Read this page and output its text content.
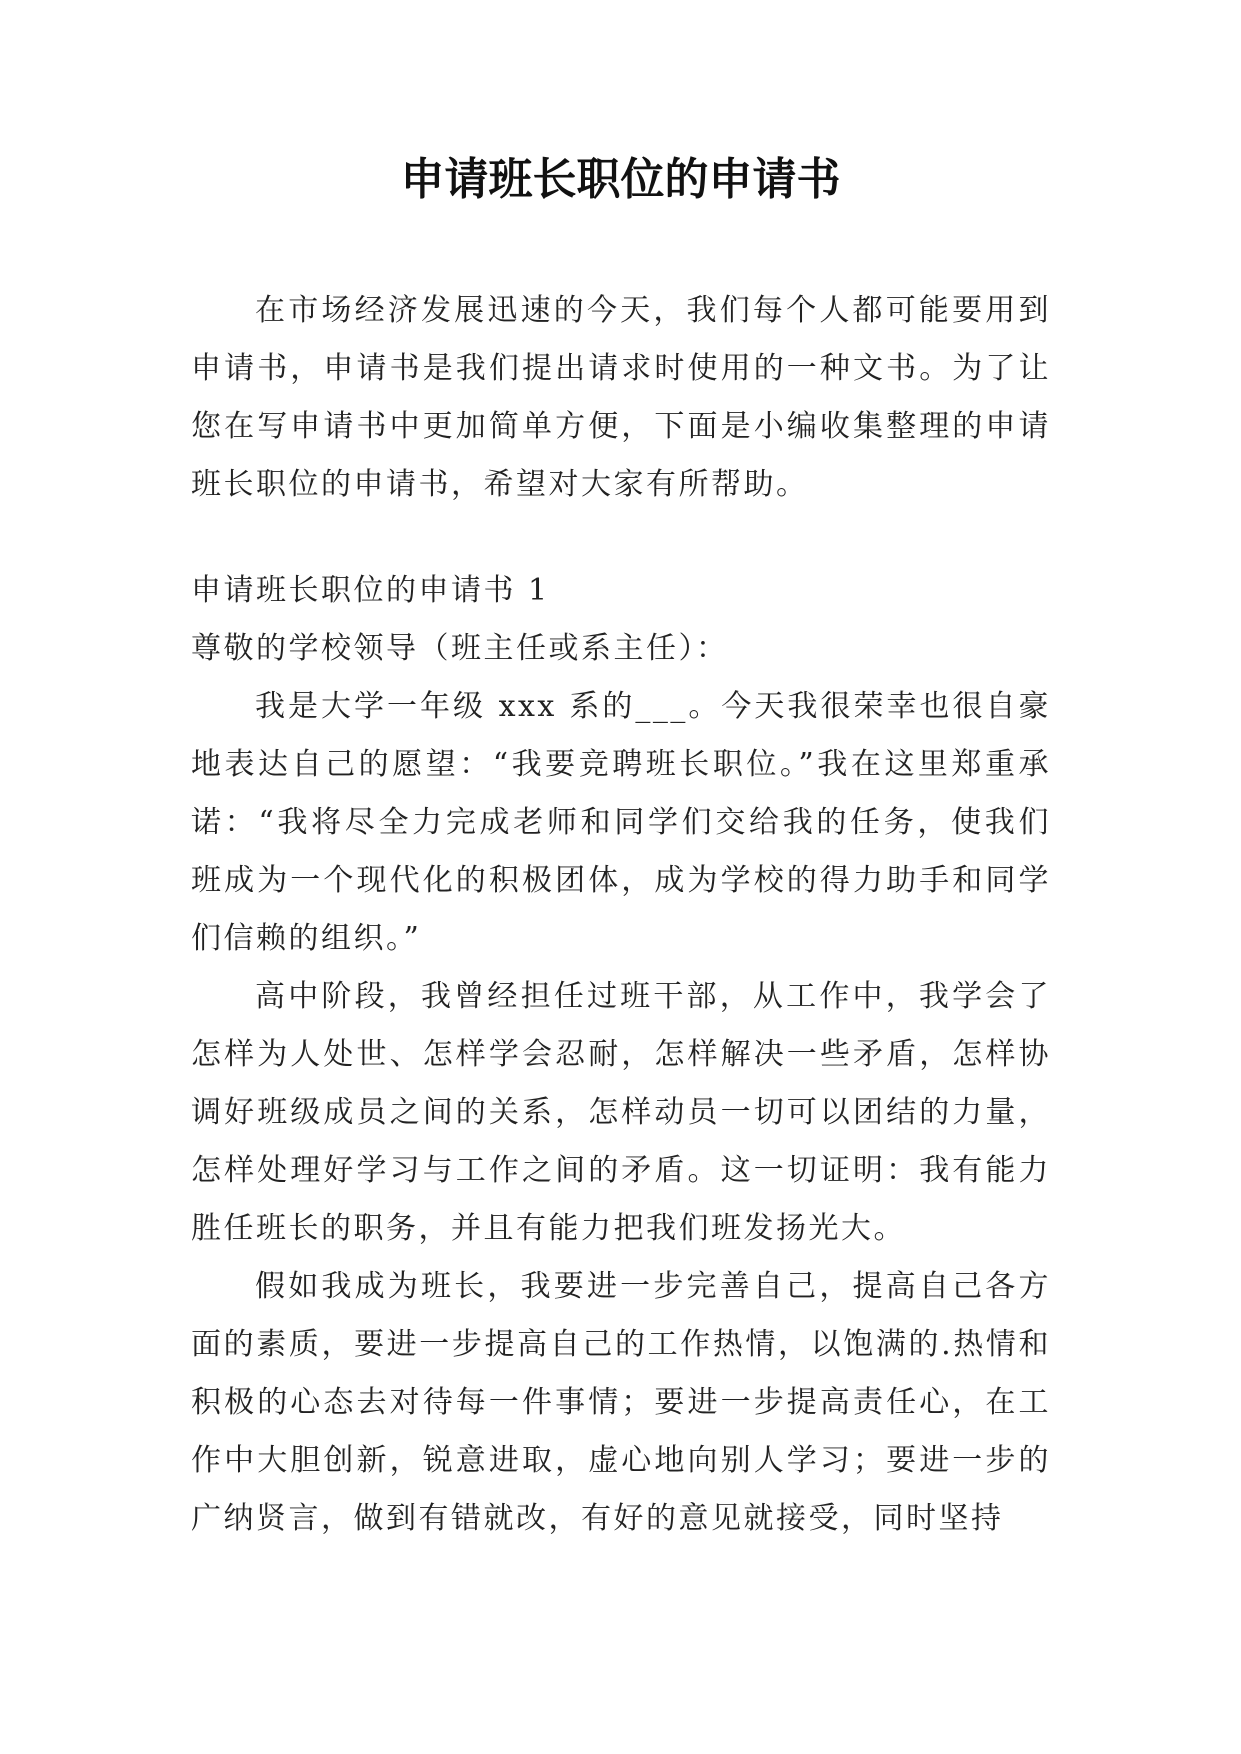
申请班长职位的申请书

在市场经济发展迅速的今天，我们每个人都可能要用到申请书，申请书是我们提出请求时使用的一种文书。为了让您在写申请书中更加简单方便，下面是小编收集整理的申请班长职位的申请书，希望对大家有所帮助。

申请班长职位的申请书 1

尊敬的学校领导（班主任或系主任）：

我是大学一年级 xxx 系的___。今天我很荣幸也很自豪地表达自己的愿望：“我要竞聘班长职位。”我在这里郑重承诺：“我将尽全力完成老师和同学们交给我的任务，使我们班成为一个现代化的积极团体，成为学校的得力助手和同学们信赖的组织。”

高中阶段，我曾经担任过班干部，从工作中，我学会了怎样为人处世、怎样学会忍耐，怎样解决一些矛盾，怎样协调好班级成员之间的关系，怎样动员一切可以团结的力量，怎样处理好学习与工作之间的矛盾。这一切证明：我有能力胜任班长的职务，并且有能力把我们班发扬光大。

假如我成为班长，我要进一步完善自己，提高自己各方面的素质，要进一步提高自己的工作热情，以饱满的.热情和积极的心态去对待每一件事情；要进一步提高责任心，在工作中大胆创新，锐意进取，虚心地向别人学习；要进一步的广纳贤言，做到有错就改，有好的意见就接受，同时坚持
